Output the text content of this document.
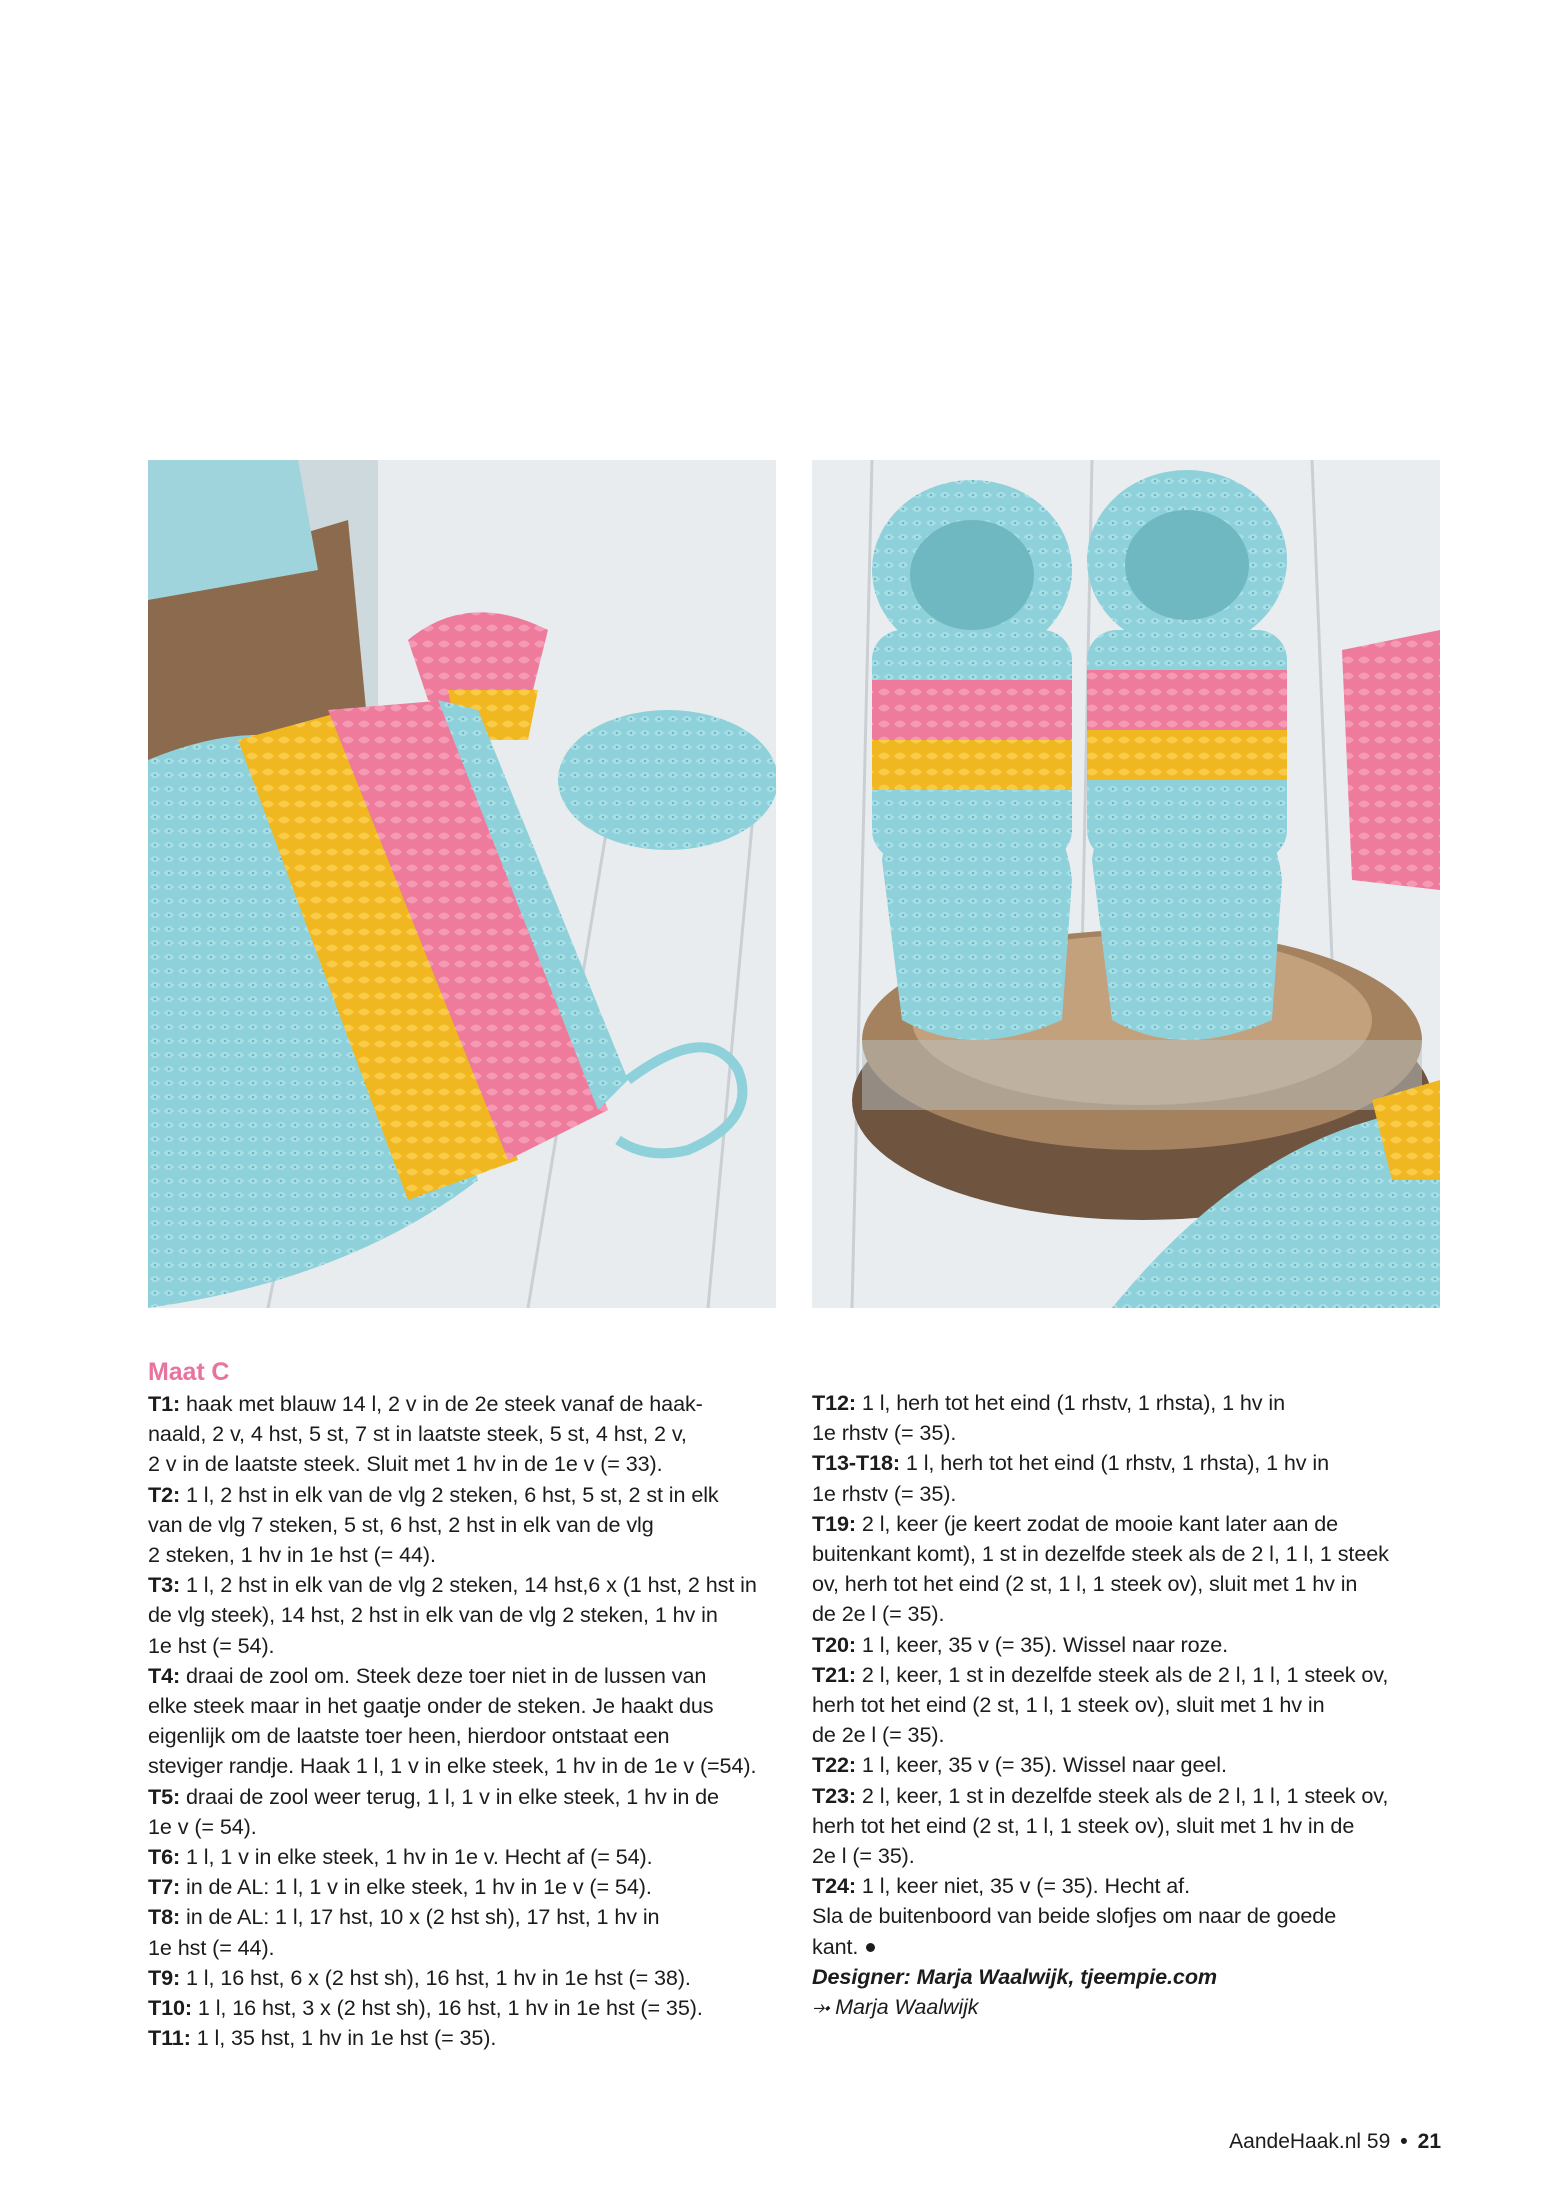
Maat C

T1: haak met blauw 14 l, 2 v in de 2e steek vanaf de haak-
naald, 2 v, 4 hst, 5 st, 7 st in laatste steek, 5 st, 4 hst, 2 v,
2 v in de laatste steek. Sluit met 1 hv in de 1e v (= 33).

T2: 1 l, 2 hst in elk van de vlg 2 steken, 6 hst, 5 st, 2 st in elk
van de vlg 7 steken, 5 st, 6 hst, 2 hst in elk van de vlg
2 steken, 1 hv in 1e hst (= 44).

T3: 1 l, 2 hst in elk van de vlg 2 steken, 14 hst,6 x (1 hst, 2 hst in
de vlg steek), 14 hst, 2 hst in elk van de vlg 2 steken, 1 hv in
1e hst (= 54).

T4: draai de zool om. Steek deze toer niet in de lussen van
elke steek maar in het gaatje onder de steken. Je haakt dus
eigenlijk om de laatste toer heen, hierdoor ontstaat een
steviger randje. Haak 1 l, 1 v in elke steek, 1 hv in de 1e v (=54).

T5: draai de zool weer terug, 1 l, 1 v in elke steek, 1 hv in de
1e v (= 54).

T6: 1 l, 1 v in elke steek, 1 hv in 1e v. Hecht af (= 54).

T7: in de AL: 1 l, 1 v in elke steek, 1 hv in 1e v (= 54).

T8: in de AL: 1 l, 17 hst, 10 x (2 hst sh), 17 hst, 1 hv in
1e hst (= 44).

T9: 1 l, 16 hst, 6 x (2 hst sh), 16 hst, 1 hv in 1e hst (= 38).

T10: 1 l, 16 hst, 3 x (2 hst sh), 16 hst, 1 hv in 1e hst (= 35).

T11: 1 l, 35 hst, 1 hv in 1e hst (= 35).

T12: 1 l, herh tot het eind (1 rhstv, 1 rhsta), 1 hv in
1e rhstv (= 35).

T13-T18: 1 l, herh tot het eind (1 rhstv, 1 rhsta), 1 hv in
1e rhstv (= 35).

T19: 2 l, keer (je keert zodat de mooie kant later aan de
buitenkant komt), 1 st in dezelfde steek als de 2 l, 1 l, 1 steek
ov, herh tot het eind (2 st, 1 l, 1 steek ov), sluit met 1 hv in
de 2e l (= 35).

T20: 1 l, keer, 35 v (= 35). Wissel naar roze.

T21: 2 l, keer, 1 st in dezelfde steek als de 2 l, 1 l, 1 steek ov,
herh tot het eind (2 st, 1 l, 1 steek ov), sluit met 1 hv in
de 2e l (= 35).

T22: 1 l, keer, 35 v (= 35). Wissel naar geel.

T23: 2 l, keer, 1 st in dezelfde steek als de 2 l, 1 l, 1 steek ov,
herh tot het eind (2 st, 1 l, 1 steek ov), sluit met 1 hv in de
2e l (= 35).

T24: 1 l, keer niet, 35 v (= 35). Hecht af.

Sla de buitenboord van beide slofjes om naar de goede
kant.

Designer: Marja Waalwijk, tjeempie.com

⤞ Marja Waalwijk

AandeHaak.nl 59 • 21
